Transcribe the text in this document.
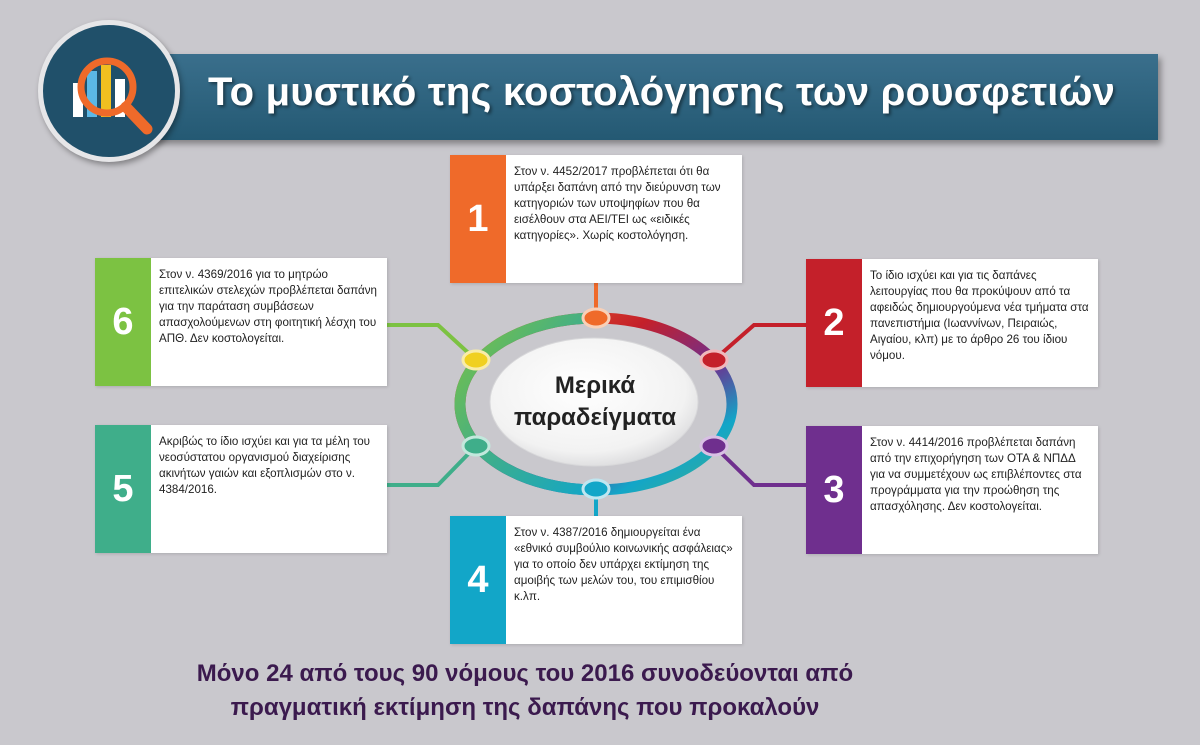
Το μυστικό της κοστολόγησης των ρουσφετιών
1
Στον ν. 4452/2017 προβλέπεται ότι θα υπάρξει δαπάνη από την διεύρυνση των κατηγοριών των υποψηφίων που θα εισέλθουν στα ΑΕΙ/ΤΕΙ ως «ειδικές κατηγορίες». Χωρίς κοστολόγηση.
2
Το ίδιο ισχύει και για τις δαπάνες λειτουργίας που θα προκύψουν από τα αφειδώς δημιουργούμενα νέα τμήματα στα πανεπιστήμια (Ιωαννίνων, Πειραιώς, Αιγαίου, κλπ) με το άρθρο 26 του ίδιου νόμου.
3
Στον ν. 4414/2016 προβλέπεται δαπάνη από την επιχορήγηση των ΟΤΑ & ΝΠΔΔ για να συμμετέχουν ως επιβλέποντες στα προγράμματα για την προώθηση της απασχόλησης. Δεν κοστολογείται.
4
Στον ν. 4387/2016 δημιουργείται ένα «εθνικό συμβούλιο κοινωνικής ασφάλειας» για το οποίο δεν υπάρχει εκτίμηση της αμοιβής των μελών του, του επιμισθίου κ.λπ.
5
Ακριβώς το ίδιο ισχύει και για τα μέλη του νεοσύστατου οργανισμού διαχείρισης ακινήτων γαιών και εξοπλισμών στο ν. 4384/2016.
6
Στον ν. 4369/2016 για το μητρώο επιτελικών στελεχών προβλέπεται δαπάνη για την παράταση συμβάσεων απασχολούμενων στη φοιτητική λέσχη του ΑΠΘ. Δεν κοστολογείται.
Μερικά
παραδείγματα
Μόνο 24 από τους 90 νόμους του 2016 συνοδεύονται από
πραγματική εκτίμηση της δαπάνης που προκαλούν
